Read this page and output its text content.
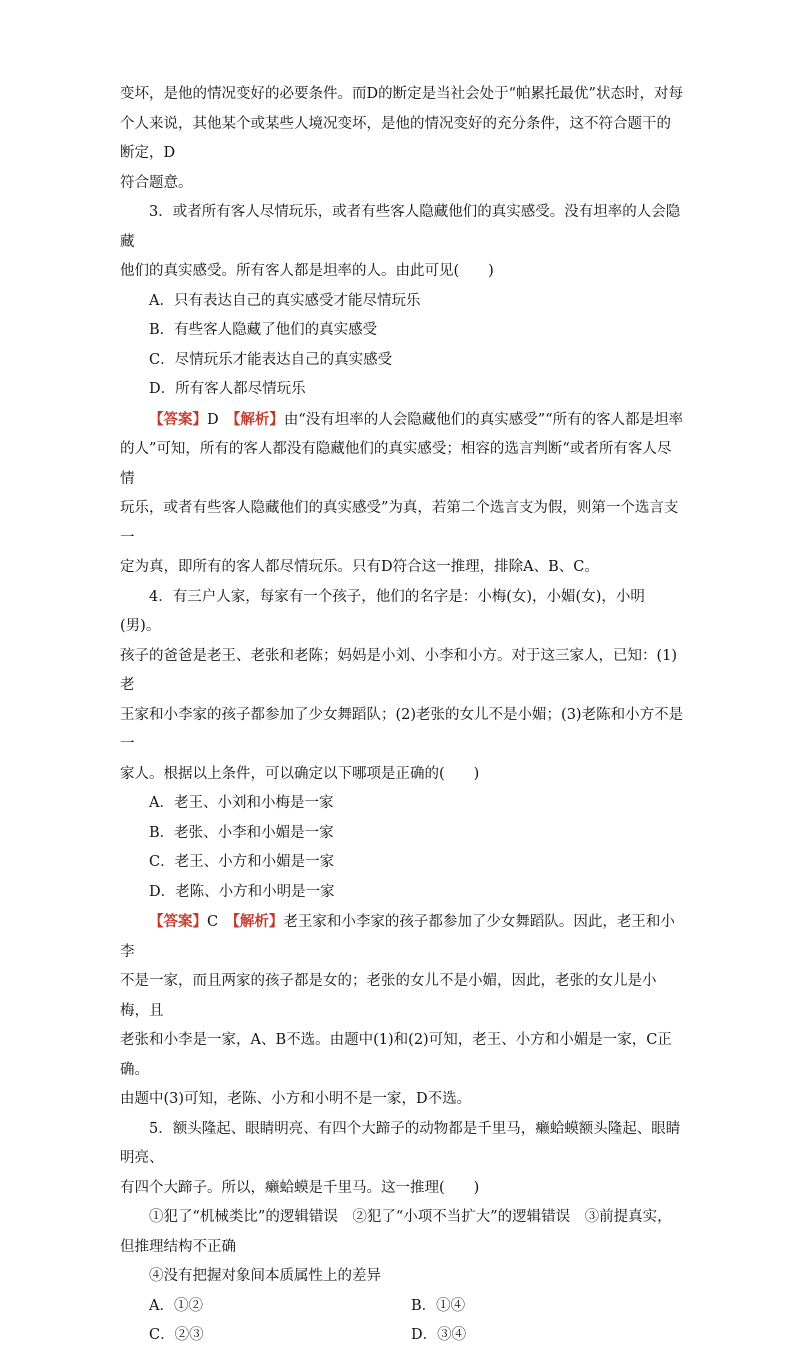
变坏，是他的情况变好的必要条件。而D的断定是当社会处于“帕累托最优”状态时，对每

个人来说，其他某个或某些人境况变坏，是他的情况变好的充分条件，这不符合题干的断定，D

符合题意。

3．或者所有客人尽情玩乐，或者有些客人隐藏他们的真实感受。没有坦率的人会隐藏

他们的真实感受。所有客人都是坦率的人。由此可见(　　)

A．只有表达自己的真实感受才能尽情玩乐

B．有些客人隐藏了他们的真实感受

C．尽情玩乐才能表达自己的真实感受

D．所有客人都尽情玩乐

【答案】D　 【解析】由“没有坦率的人会隐藏他们的真实感受”“所有的客人都是坦率

的人”可知，所有的客人都没有隐藏他们的真实感受；相容的选言判断“或者所有客人尽情

玩乐，或者有些客人隐藏他们的真实感受”为真，若第二个选言支为假，则第一个选言支一

定为真，即所有的客人都尽情玩乐。只有D符合这一推理，排除A、B、C。

4．有三户人家，每家有一个孩子，他们的名字是：小梅(女)，小媚(女)，小明(男)。

孩子的爸爸是老王、老张和老陈；妈妈是小刘、小李和小方。对于这三家人，已知：(1)老

王家和小李家的孩子都参加了少女舞蹈队；(2)老张的女儿不是小媚；(3)老陈和小方不是一

家人。根据以上条件，可以确定以下哪项是正确的(　　)

A．老王、小刘和小梅是一家

B．老张、小李和小媚是一家

C．老王、小方和小媚是一家

D．老陈、小方和小明是一家

【答案】C　 【解析】老王家和小李家的孩子都参加了少女舞蹈队。因此，老王和小李

不是一家，而且两家的孩子都是女的；老张的女儿不是小媚，因此，老张的女儿是小梅，且

老张和小李是一家，A、B不选。由题中(1)和(2)可知，老王、小方和小媚是一家，C正确。

由题中(3)可知，老陈、小方和小明不是一家，D不选。

5．额头隆起、眼睛明亮、有四个大蹄子的动物都是千里马，癞蛤蟆额头隆起、眼睛明亮、

有四个大蹄子。所以，癞蛤蟆是千里马。这一推理(　　)

①犯了“机械类比”的逻辑错误　②犯了“小项不当扩大”的逻辑错误　③前提真实，

但推理结构不正确

④没有把握对象间本质属性上的差异

A．①②	B．①④
C．②③	D．③④
